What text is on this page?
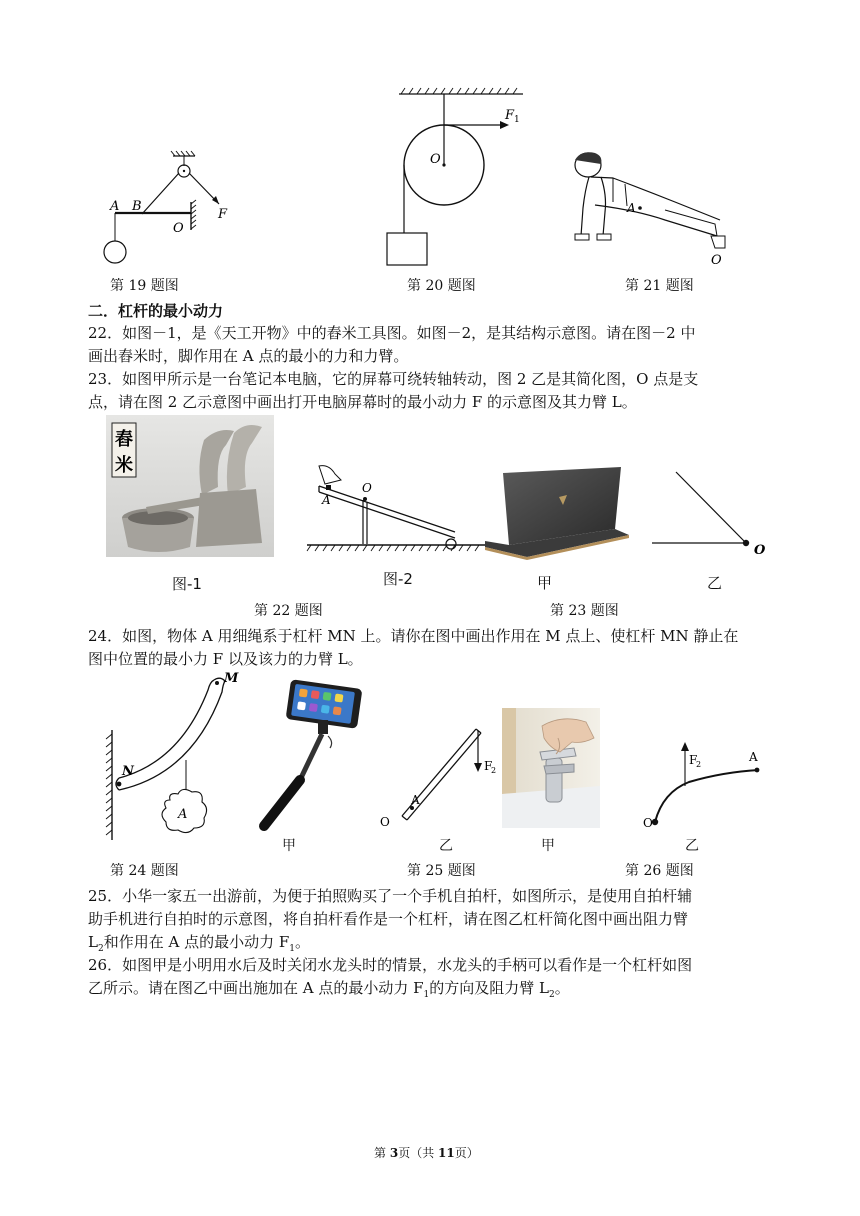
A B
O
F
第 19 题图
O
F 1
第 20 题图
A
O
第 21 题图
二．杠杆的最小动力
22．如图－1，是《天工开物》中的舂米工具图。如图－2，是其结构示意图。请在图－2 中
画出舂米时，脚作用在 A 点的最小的力和力臂。
23．如图甲所示是一台笔记本电脑，它的屏幕可绕转轴转动，图 2 乙是其简化图，O 点是支
点，请在图 2 乙示意图中画出打开电脑屏幕时的最小动力 F 的示意图及其力臂 L。
舂
米
图-1
A
O
图-2
第 22 题图
甲
O
乙
第 23 题图
24．如图，物体 A 用细绳系于杠杆 MN 上。请你在图中画出作用在 M 点上、使杠杆 MN 静止在
图中位置的最小力 F 以及该力的力臂 L。
M
N
A
第 24 题图
甲
O
A
F
2
乙
第 25 题图
甲
O
A
F
2
乙
第 26 题图
25．小华一家五一出游前，为便于拍照购买了一个手机自拍杆，如图所示，是使用自拍杆辅
助手机进行自拍时的示意图，将自拍杆看作是一个杠杆，请在图乙杠杆简化图中画出阻力臂
$L_2$和作用在 A 点的最小动力 $F_1$。
26．如图甲是小明用水后及时关闭水龙头时的情景，水龙头的手柄可以看作是一个杠杆如图
乙所示。请在图乙中画出施加在 A 点的最小动力 $F_1$的方向及阻力臂 $L_2$。
第 3页（共 11页）
